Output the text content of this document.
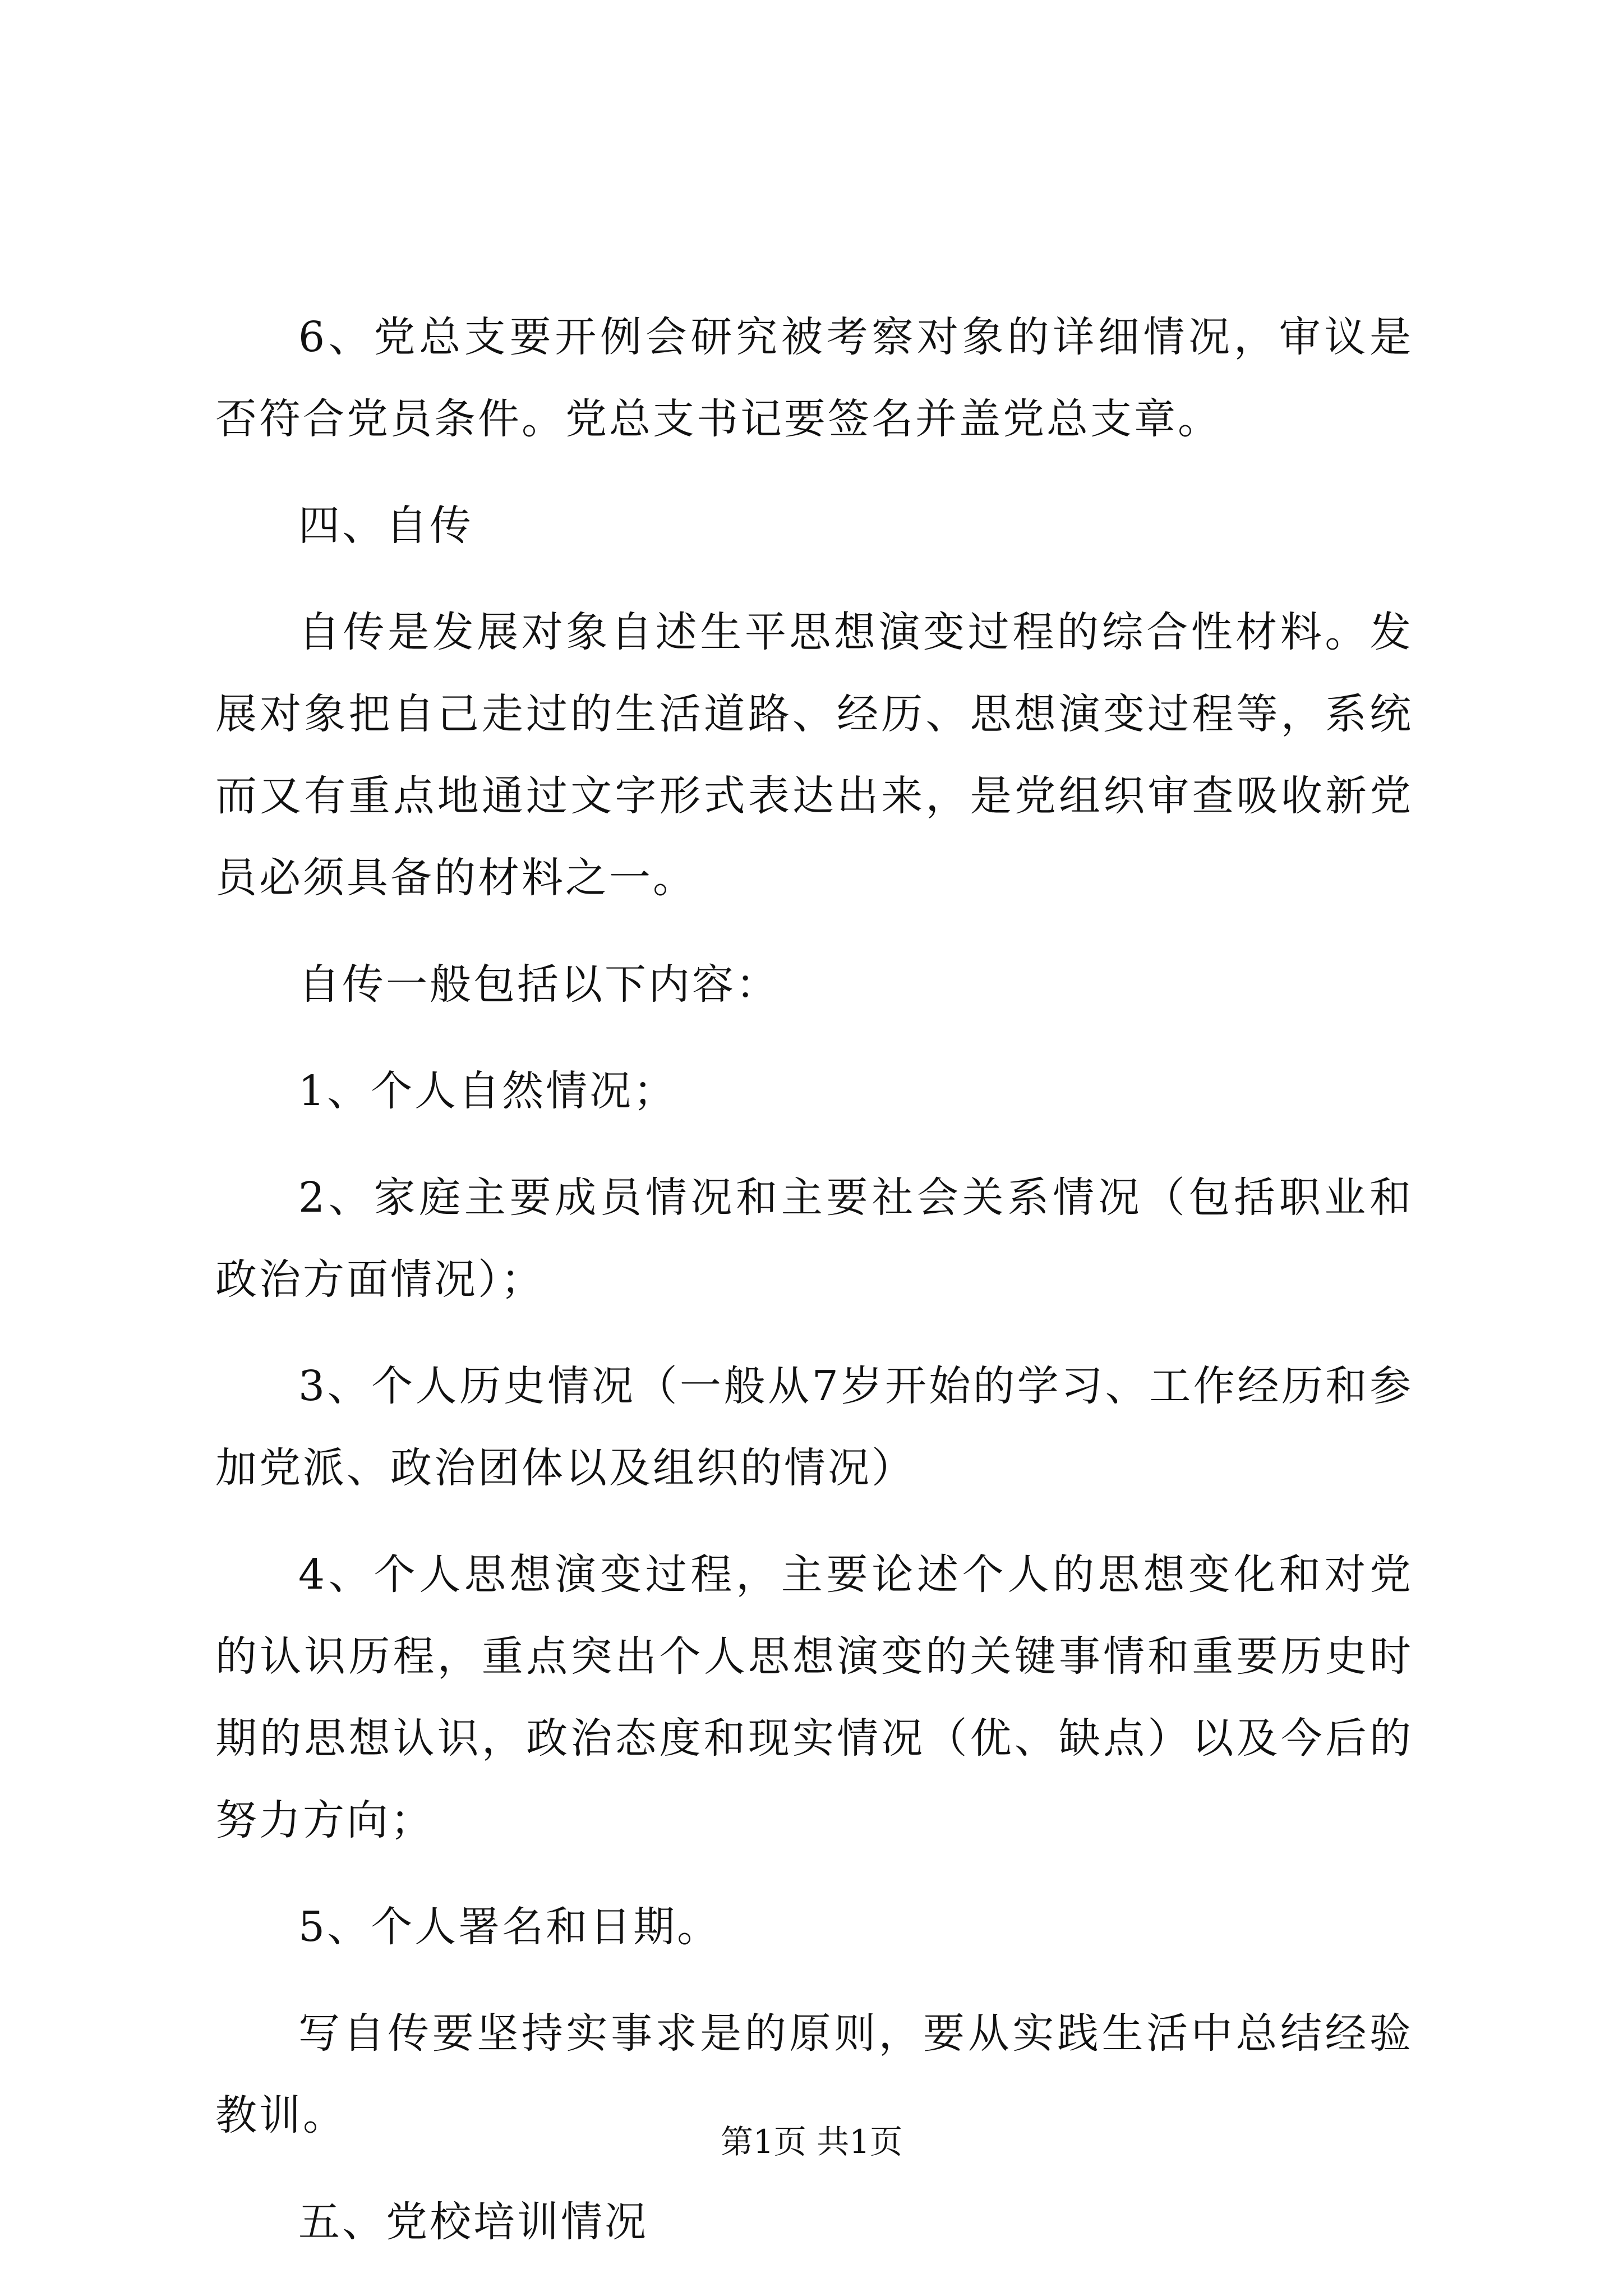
6、党总支要开例会研究被考察对象的详细情况，审议是否符合党员条件。党总支书记要签名并盖党总支章。

四、自传

自传是发展对象自述生平思想演变过程的综合性材料。发展对象把自己走过的生活道路、经历、思想演变过程等，系统而又有重点地通过文字形式表达出来，是党组织审查吸收新党员必须具备的材料之一。

自传一般包括以下内容：

1、个人自然情况；

2、家庭主要成员情况和主要社会关系情况（包括职业和政治方面情况）；

3、个人历史情况（一般从7岁开始的学习、工作经历和参加党派、政治团体以及组织的情况）

4、个人思想演变过程，主要论述个人的思想变化和对党的认识历程，重点突出个人思想演变的关键事情和重要历史时期的思想认识，政治态度和现实情况（优、缺点）以及今后的努力方向；

5、个人署名和日期。

写自传要坚持实事求是的原则，要从实践生活中总结经验教训。

五、党校培训情况

第1页 共1页
